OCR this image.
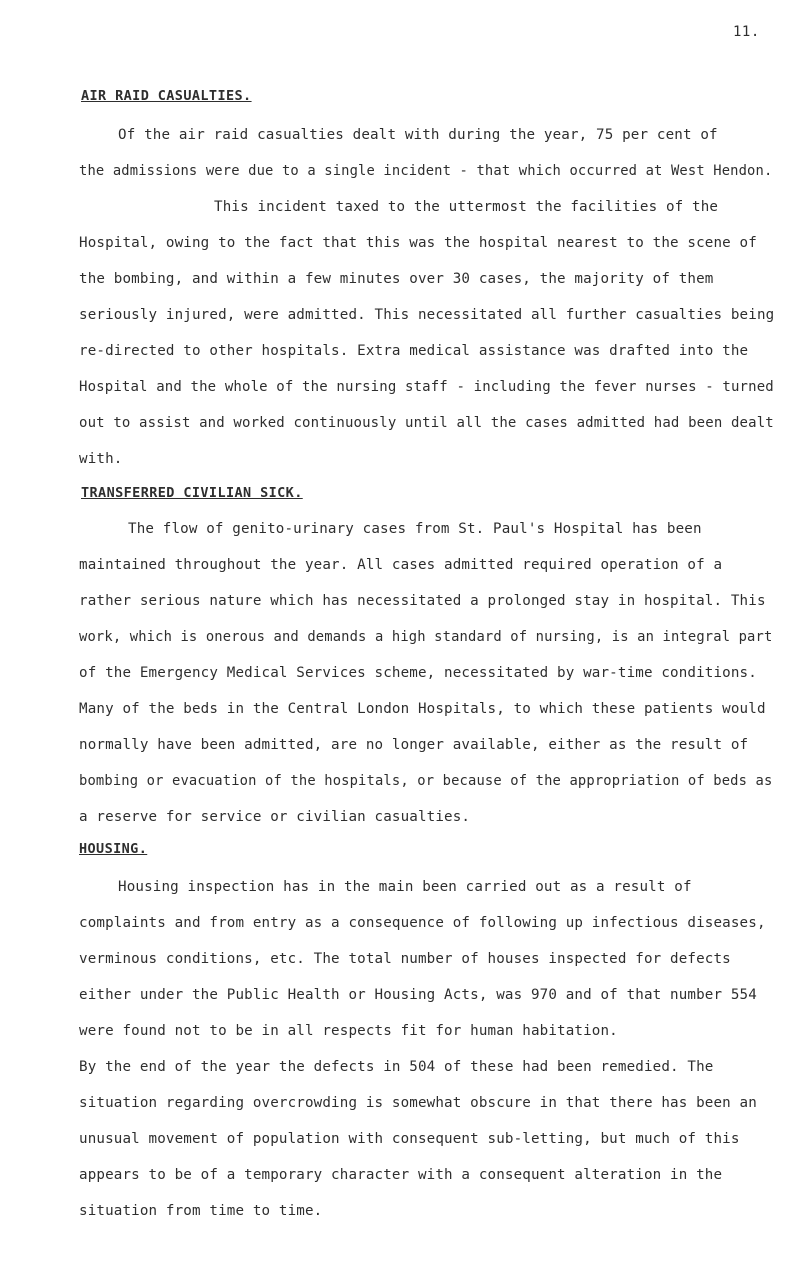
11.
AIR RAID CASUALTIES.
Of the air raid casualties dealt with during the year, 75 per cent of
the admissions were due to a single incident - that which occurred at West Hendon.
This incident taxed to the uttermost the facilities of the
Hospital, owing to the fact that this was the hospital nearest to the scene of
the bombing, and within a few minutes over 30 cases, the majority of them
seriously injured, were admitted. This necessitated all further casualties being
re-directed to other hospitals. Extra medical assistance was drafted into the
Hospital and the whole of the nursing staff - including the fever nurses - turned
out to assist and worked continuously until all the cases admitted had been dealt
with.
TRANSFERRED CIVILIAN SICK.
The flow of genito-urinary cases from St. Paul's Hospital has been
maintained throughout the year. All cases admitted required operation of a
rather serious nature which has necessitated a prolonged stay in hospital. This
work, which is onerous and demands a high standard of nursing, is an integral part
of the Emergency Medical Services scheme, necessitated by war-time conditions.
Many of the beds in the Central London Hospitals, to which these patients would
normally have been admitted, are no longer available, either as the result of
bombing or evacuation of the hospitals, or because of the appropriation of beds as
a reserve for service or civilian casualties.
HOUSING.
Housing inspection has in the main been carried out as a result of
complaints and from entry as a consequence of following up infectious diseases,
verminous conditions, etc. The total number of houses inspected for defects
either under the Public Health or Housing Acts, was 970 and of that number 554
were found not to be in all respects fit for human habitation.
By the end of the year the defects in 504 of these had been remedied. The
situation regarding overcrowding is somewhat obscure in that there has been an
unusual movement of population with consequent sub-letting, but much of this
appears to be of a temporary character with a consequent alteration in the
situation from time to time.
